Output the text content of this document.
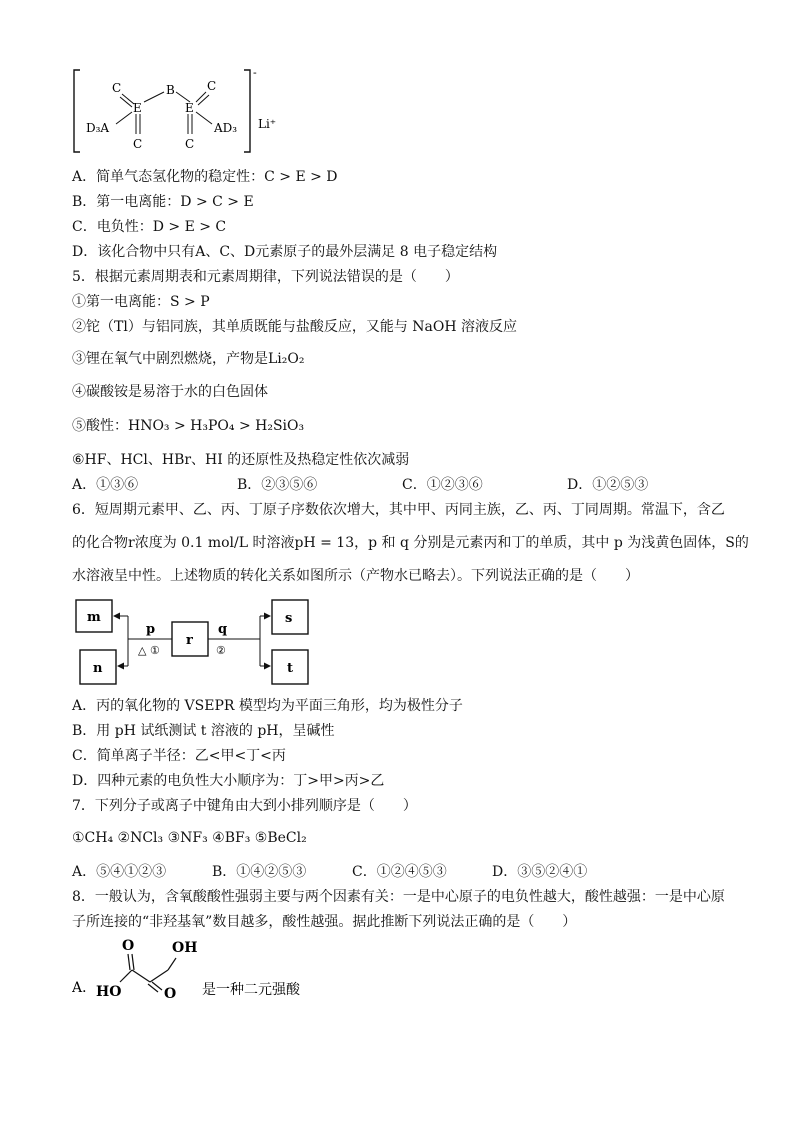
C	B	C
E	E
D₃A	AD₃
C	C
-
Li⁺
A．简单气态氢化物的稳定性：C > E > D
B．第一电离能：D > C > E
C．电负性：D > E > C
D．该化合物中只有A、C、D元素原子的最外层满足 8 电子稳定结构
5．根据元素周期表和元素周期律，下列说法错误的是（　　）
①第一电离能：S > P
②铊（Tl）与铝同族，其单质既能与盐酸反应，又能与 NaOH 溶液反应
③锂在氧气中剧烈燃烧，产物是Li₂O₂
④碳酸铵是易溶于水的白色固体
⑤酸性：HNO₃ > H₃PO₄ > H₂SiO₃
⑥HF、HCl、HBr、HI 的还原性及热稳定性依次减弱
A．①③⑥	B．②③⑤⑥	C．①②③⑥	D．①②⑤③
6．短周期元素甲、乙、丙、丁原子序数依次增大，其中甲、丙同主族，乙、丙、丁同周期。常温下，含乙
的化合物r浓度为 0.1 mol/L 时溶液pH = 13，p 和 q 分别是元素丙和丁的单质，其中 p 为浅黄色固体，S的
水溶液呈中性。上述物质的转化关系如图所示（产物水已略去）。下列说法正确的是（　　）
m
n
r
s
t
p	q
△ ①	②
A．丙的氧化物的 VSEPR 模型均为平面三角形，均为极性分子
B．用 pH 试纸测试 t 溶液的 pH，呈碱性
C．简单离子半径：乙<甲<丁<丙
D．四种元素的电负性大小顺序为：丁>甲>丙>乙
7．下列分子或离子中键角由大到小排列顺序是（　　）
①CH₄ ②NCl₃ ③NF₃ ④BF₃ ⑤BeCl₂
A．⑤④①②③	B．①④②⑤③	C．①②④⑤③	D．③⑤②④①
8．一般认为，含氧酸酸性强弱主要与两个因素有关：一是中心原子的电负性越大，酸性越强：一是中心原
子所连接的“非羟基氧”数目越多，酸性越强。据此推断下列说法正确的是（　　）
A．
O	OH
HO	O 是一种二元强酸
